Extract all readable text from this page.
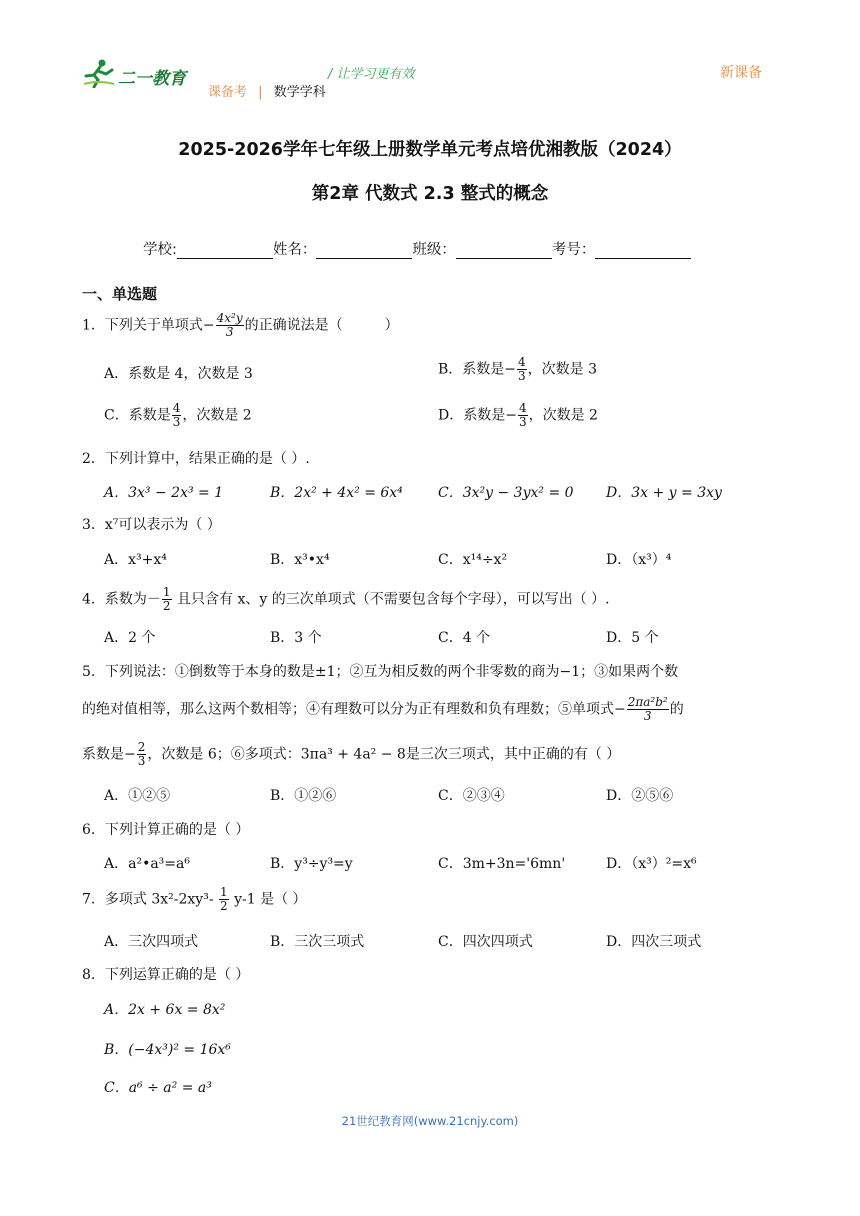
二一教育	/ 让学习更有效
课备考 | 数学学科
新课备
2025-2026学年七年级上册数学单元考点培优湘教版（2024）
第2章 代数式 2.3 整式的概念
学校:	姓名：	班级：	考号：
一、单选题
1．下列关于单项式− $\frac{\text{4x²y}}{3}$ 的正确说法是（	）
A．系数是 4，次数是 3	B．系数是− $\frac{4}{3}$ ，次数是 3
C．系数是 $\frac{4}{3}$ ，次数是 2	D．系数是− $\frac{4}{3}$ ，次数是 2
2．下列计算中，结果正确的是（ ）.
A．3x³ − 2x³ = 1	B．2x² + 4x² = 6x⁴	C．3x²y − 3yx² = 0 D．3x + y = 3xy
3．x⁷可以表示为（ ）
A．x³+x⁴	B．x³•x⁴	C．x¹⁴÷x²	D．（x³）⁴
4．系数为－ $\frac{1}{2}$ 且只含有 x、y 的三次单项式（不需要包含每个字母），可以写出（ ）.
A．2 个	B．3 个	C．4 个	D．5 个
5．下列说法：①倒数等于本身的数是±1；②互为相反数的两个非零数的商为−1；③如果两个数
的绝对值相等，那么这两个数相等；④有理数可以分为正有理数和负有理数；⑤单项式− $\frac{\text{2πa²b²}}{3}$ 的
系数是− $\frac{2}{3}$ ，次数是 6；⑥多项式：3πa³ + 4a² − 8是三次三项式，其中正确的有（ ）
A．①②⑤	B．①②⑥	C．②③④	D．②⑤⑥
6．下列计算正确的是（ ）
A．a²•a³=a⁶	B．y³÷y³=y	C．3m+3n='6mn'	D．（x³）²=x⁶
7．多项式 $3x^2-2xy^3- \frac{1}{2} y-1$ 是（ ）
A．三次四项式	B．三次三项式	C．四次四项式	D．四次三项式
8．下列运算正确的是（ ）
A．2x + 6x = 8x²
B．(−4x³)² = 16x⁶
C．a⁶ ÷ a² = a³
21世纪教育网(www.21cnjy.com)
